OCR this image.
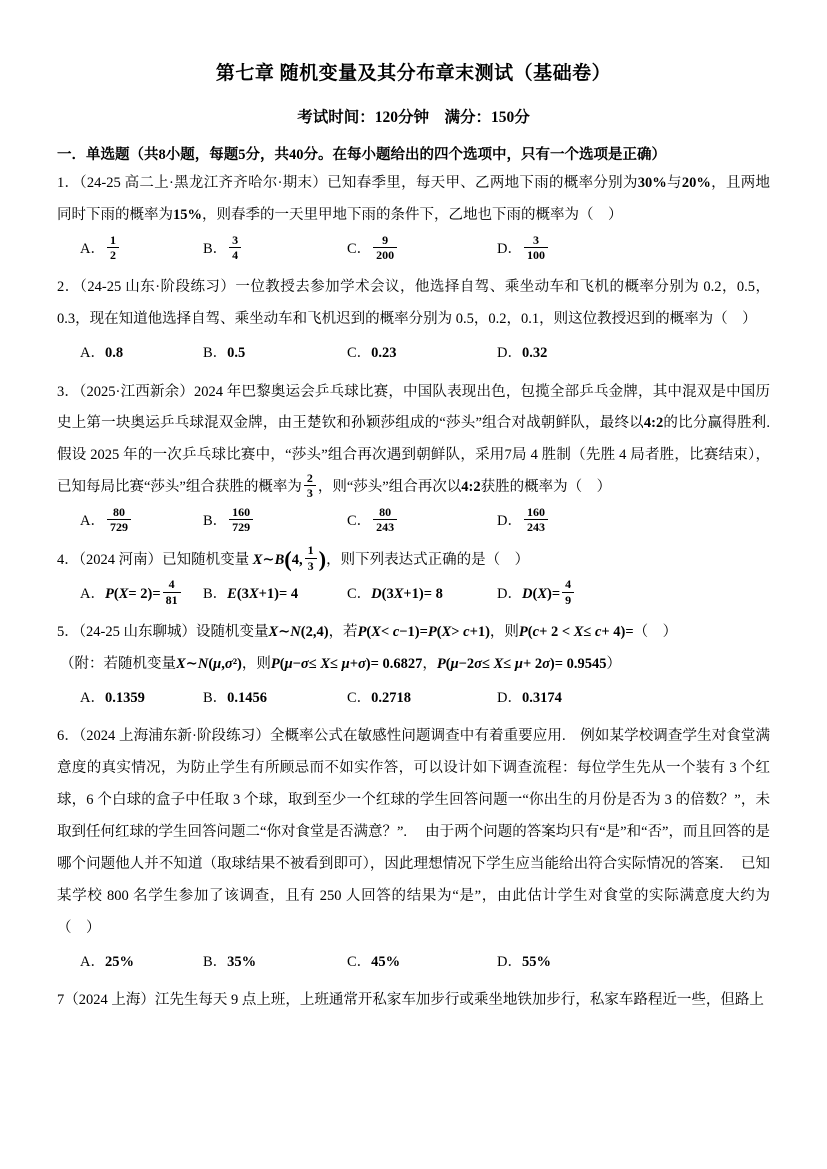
第七章 随机变量及其分布章末测试（基础卷）
考试时间：120分钟　满分：150分
一．单选题（共8小题，每题5分，共40分。在每小题给出的四个选项中，只有一个选项是正确）
1．（24-25 高二上·黑龙江齐齐哈尔·期末）已知春季里，每天甲、乙两地下雨的概率分别为30%与20%，且两地同时下雨的概率为15%，则春季的一天里甲地下雨的条件下，乙地也下雨的概率为（　）
A． $\frac{1}{2}$	B． $\frac{3}{4}$	C． $\frac{9}{200}$	D． $\frac{3}{100}$
2．（24-25 山东·阶段练习）一位教授去参加学术会议，他选择自驾、乘坐动车和飞机的概率分别为 0.2，0.5，0.3，现在知道他选择自驾、乘坐动车和飞机迟到的概率分别为 0.5，0.2，0.1，则这位教授迟到的概率为（　）
A．0.8	B．0.5	C．0.23	D．0.32
3．（2025·江西新余）2024 年巴黎奥运会乒乓球比赛，中国队表现出色，包揽全部乒乓金牌，其中混双是中国历史上第一块奥运乒乓球混双金牌，由王楚钦和孙颖莎组成的“莎头”组合对战朝鲜队，最终以4:2的比分赢得胜利.假设 2025 年的一次乒乓球比赛中，“莎头”组合再次遇到朝鲜队，采用7局 4 胜制（先胜 4 局者胜，比赛结束），已知每局比赛“莎头”组合获胜的概率为 $\frac{2}{3}$ ，则“莎头”组合再次以4:2获胜的概率为（　）
A． $\frac{80}{729}$	B． $\frac{160}{729}$	C． $\frac{80}{243}$	D． $\frac{160}{243}$
4．（2024 河南）已知随机变量 X∼B(4, $\frac{1}{3}$ )，则下列表达式正确的是（　）
A．$P(X= 2)= \frac{4}{81}$ B．E(3X+1)= 4	C．D(3X+1)= 8	D．$D(X)= \frac{4}{9}$
5．（24-25 山东聊城）设随机变量X∼N(2,4)，若P(X< c−1)=P(X> c+1)，则P(c+ 2 < X≤ c+ 4)=（　）
（附：若随机变量X∼N(μ,σ²)，则P(μ−σ≤ X≤ μ+σ)= 0.6827，P(μ−2σ≤ X≤ μ+ 2σ)= 0.9545）
A．0.1359	B．0.1456	C．0.2718	D．0.3174
6．（2024 上海浦东新·阶段练习）全概率公式在敏感性问题调查中有着重要应用.　例如某学校调查学生对食堂满意度的真实情况，为防止学生有所顾忌而不如实作答，可以设计如下调查流程：每位学生先从一个装有 3 个红球，6 个白球的盒子中任取 3 个球，取到至少一个红球的学生回答问题一“你出生的月份是否为 3 的倍数？”，未取到任何红球的学生回答问题二“你对食堂是否满意？”.　 由于两个问题的答案均只有“是”和“否”，而且回答的是哪个问题他人并不知道（取球结果不被看到即可），因此理想情况下学生应当能给出符合实际情况的答案．　已知某学校 800 名学生参加了该调查，且有 250 人回答的结果为“是”，由此估计学生对食堂的实际满意度大约为（　）
A．25%	B．35%	C．45%	D．55%
7（2024 上海）江先生每天 9 点上班，上班通常开私家车加步行或乘坐地铁加步行，私家车路程近一些，但路上
